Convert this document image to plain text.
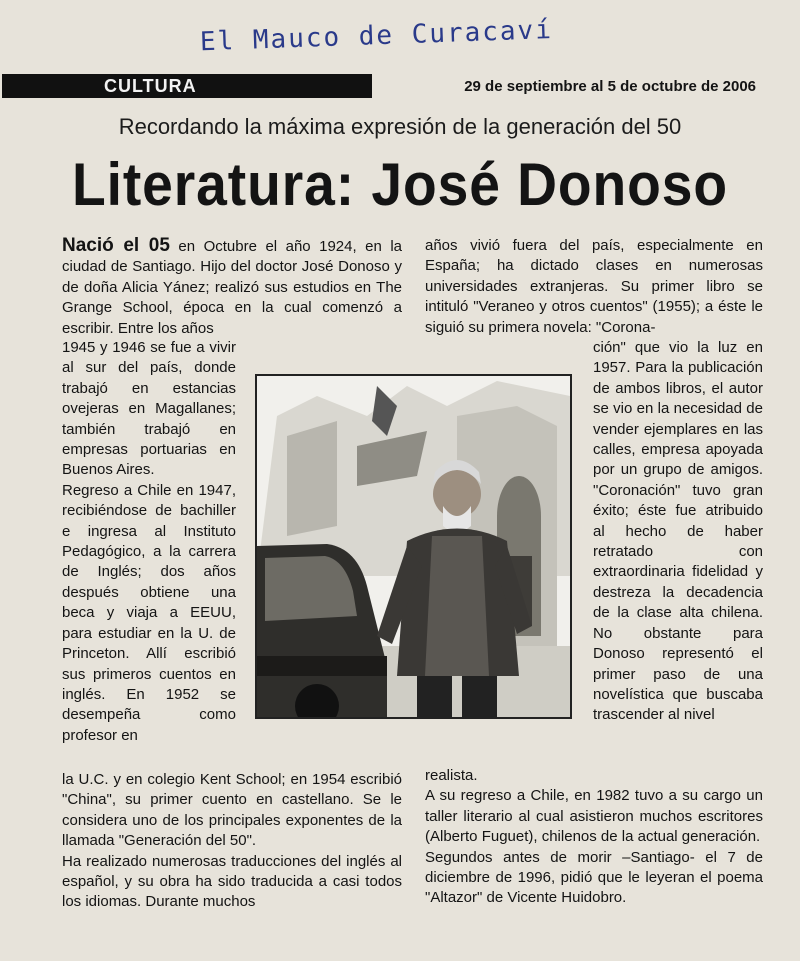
El Mauco de Curacaví
CULTURA	29 de septiembre al 5 de octubre de 2006
Recordando la máxima expresión de la generación del 50
Literatura: José Donoso

Nació el 05 en Octubre el año 1924, en la ciudad de Santiago. Hijo del doctor José Donoso y de doña Alicia Yánez; realizó sus estudios en The Grange School, época en la cual comenzó a escribir. Entre los años

1945 y 1946 se fue a vivir al sur del país, donde trabajó en estancias ovejeras en Magallanes; también trabajó en empresas portuarias en Buenos Aires.

Regreso a Chile en 1947, recibiéndose de bachiller e ingresa al Instituto Pedagógico, a la carrera de Inglés; dos años después obtiene una beca y viaja a EEUU, para estudiar en la U. de Princeton. Allí escribió sus primeros cuentos en inglés. En 1952 se desempeña como profesor en

la U.C. y en colegio Kent School; en 1954 escribió "China", su primer cuento en castellano. Se le considera uno de los principales exponentes de la llamada "Generación del 50".

Ha realizado numerosas traducciones del inglés al español, y su obra ha sido traducida a casi todos los idiomas. Durante muchos

años vivió fuera del país, especialmente en España; ha dictado clases en numerosas universidades extranjeras. Su primer libro se intituló "Veraneo y otros cuentos" (1955); a éste le siguió su primera novela: "Corona-

ción" que vio la luz en 1957. Para la publicación de ambos libros, el autor se vio en la necesidad de vender ejemplares en las calles, empresa apoyada por un grupo de amigos. "Coronación" tuvo gran éxito; éste fue atribuido al hecho de haber retratado con extraordinaria fidelidad y destreza la decadencia de la clase alta chilena. No obstante para Donoso representó el primer paso de una novelística que buscaba trascender al nivel

realista.

A su regreso a Chile, en 1982 tuvo a su cargo un taller literario al cual asistieron muchos escritores (Alberto Fuguet), chilenos de la actual generación.

Segundos antes de morir –Santiago- el 7 de diciembre de 1996, pidió que le leyeran el poema "Altazor" de Vicente Huidobro.
